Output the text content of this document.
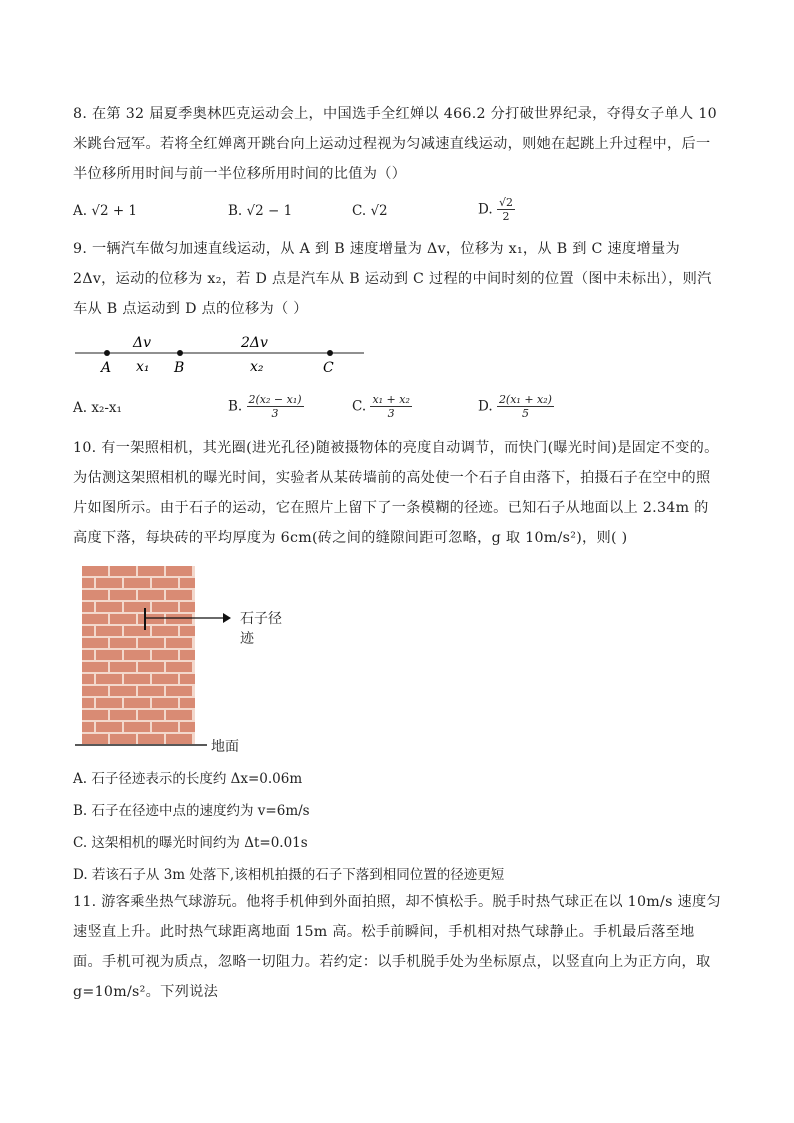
8. 在第 32 届夏季奥林匹克运动会上，中国选手全红婵以 466.2 分打破世界纪录，夺得女子单人 10 米跳台冠军。若将全红婵离开跳台向上运动过程视为匀减速直线运动，则她在起跳上升过程中，后一半位移所用时间与前一半位移所用时间的比值为（）

A. √2 + 1	B. √2 − 1	C. √2	D. $\frac{√2}{2}$

9. 一辆汽车做匀加速直线运动，从 A 到 B 速度增量为 Δv，位移为 x₁，从 B 到 C 速度增量为 2Δv，运动的位移为 x₂，若 D 点是汽车从 B 运动到 C 过程的中间时刻的位置（图中未标出），则汽车从 B 点运动到 D 点的位移为（ ）

Δv	2Δv
A x₁ B	x₂	C
A. x₂-x₁	B. $\frac{\text{2(x₂ − x₁)}}{3}$	C. $\frac{\text{x₁ + x₂}}{3}$	D. $\frac{\text{2(x₁ + x₂)}}{5}$

10. 有一架照相机，其光圈(进光孔径)随被摄物体的亮度自动调节，而快门(曝光时间)是固定不变的。为估测这架照相机的曝光时间，实验者从某砖墙前的高处使一个石子自由落下，拍摄石子在空中的照片如图所示。由于石子的运动，它在照片上留下了一条模糊的径迹。已知石子从地面以上 2.34m 的高度下落，每块砖的平均厚度为 6cm(砖之间的缝隙间距可忽略，g 取 10m/s²)，则( )

石子径迹
地面
A. 石子径迹表示的长度约 Δx=0.06m
B. 石子在径迹中点的速度约为 v=6m/s
C. 这架相机的曝光时间约为 Δt=0.01s
D. 若该石子从 3m 处落下,该相机拍摄的石子下落到相同位置的径迹更短

11. 游客乘坐热气球游玩。他将手机伸到外面拍照，却不慎松手。脱手时热气球正在以 10m/s 速度匀速竖直上升。此时热气球距离地面 15m 高。松手前瞬间，手机相对热气球静止。手机最后落至地面。手机可视为质点，忽略一切阻力。若约定：以手机脱手处为坐标原点，以竖直向上为正方向，取 g=10m/s²。下列说法
